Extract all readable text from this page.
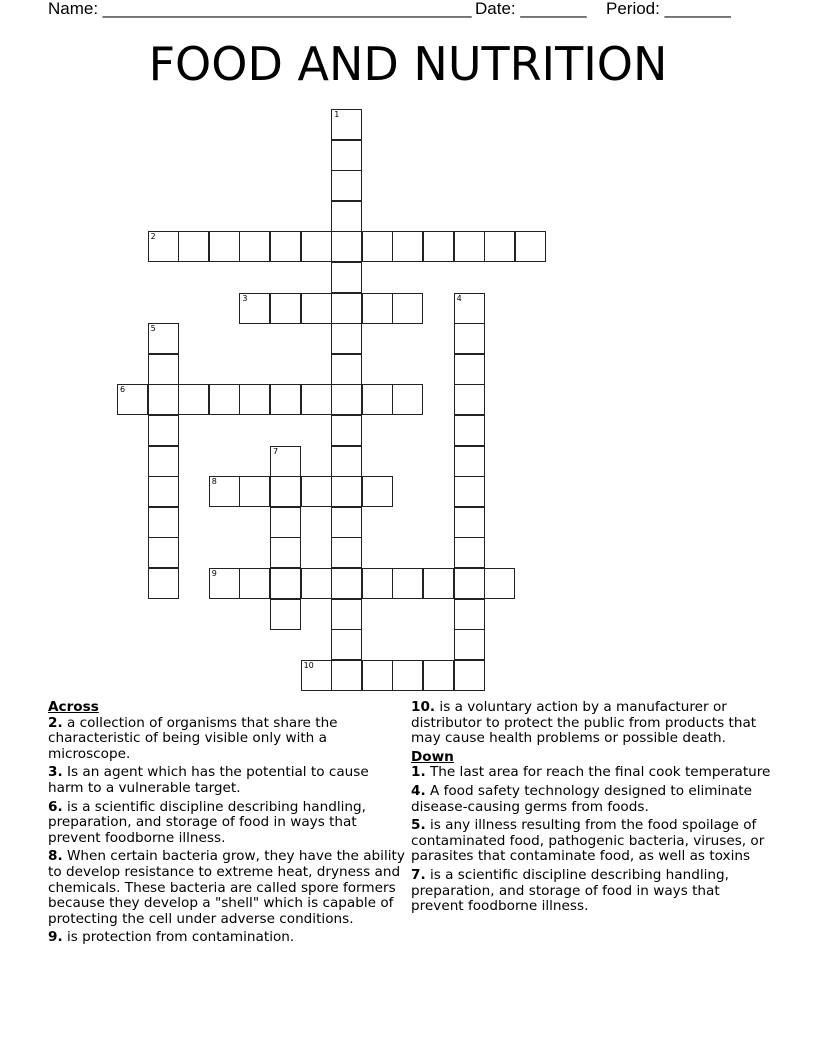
Name: _______________________________________ Date: _______ Period: _______
FOOD AND NUTRITION
1
2
3	4
5
6
7
8
9
10
Across
2. a collection of organisms that share the characteristic of being visible only with a microscope.
3. Is an agent which has the potential to cause harm to a vulnerable target.
6. is a scientific discipline describing handling, preparation, and storage of food in ways that prevent foodborne illness.
8. When certain bacteria grow, they have the ability to develop resistance to extreme heat, dryness and chemicals. These bacteria are called spore formers because they develop a "shell" which is capable of protecting the cell under adverse conditions.
9. is protection from contamination.
10. is a voluntary action by a manufacturer or distributor to protect the public from products that may cause health problems or possible death.
Down
1. The last area for reach the final cook temperature
4. A food safety technology designed to eliminate disease-causing germs from foods.
5. is any illness resulting from the food spoilage of contaminated food, pathogenic bacteria, viruses, or parasites that contaminate food, as well as toxins
7. is a scientific discipline describing handling, preparation, and storage of food in ways that prevent foodborne illness.
